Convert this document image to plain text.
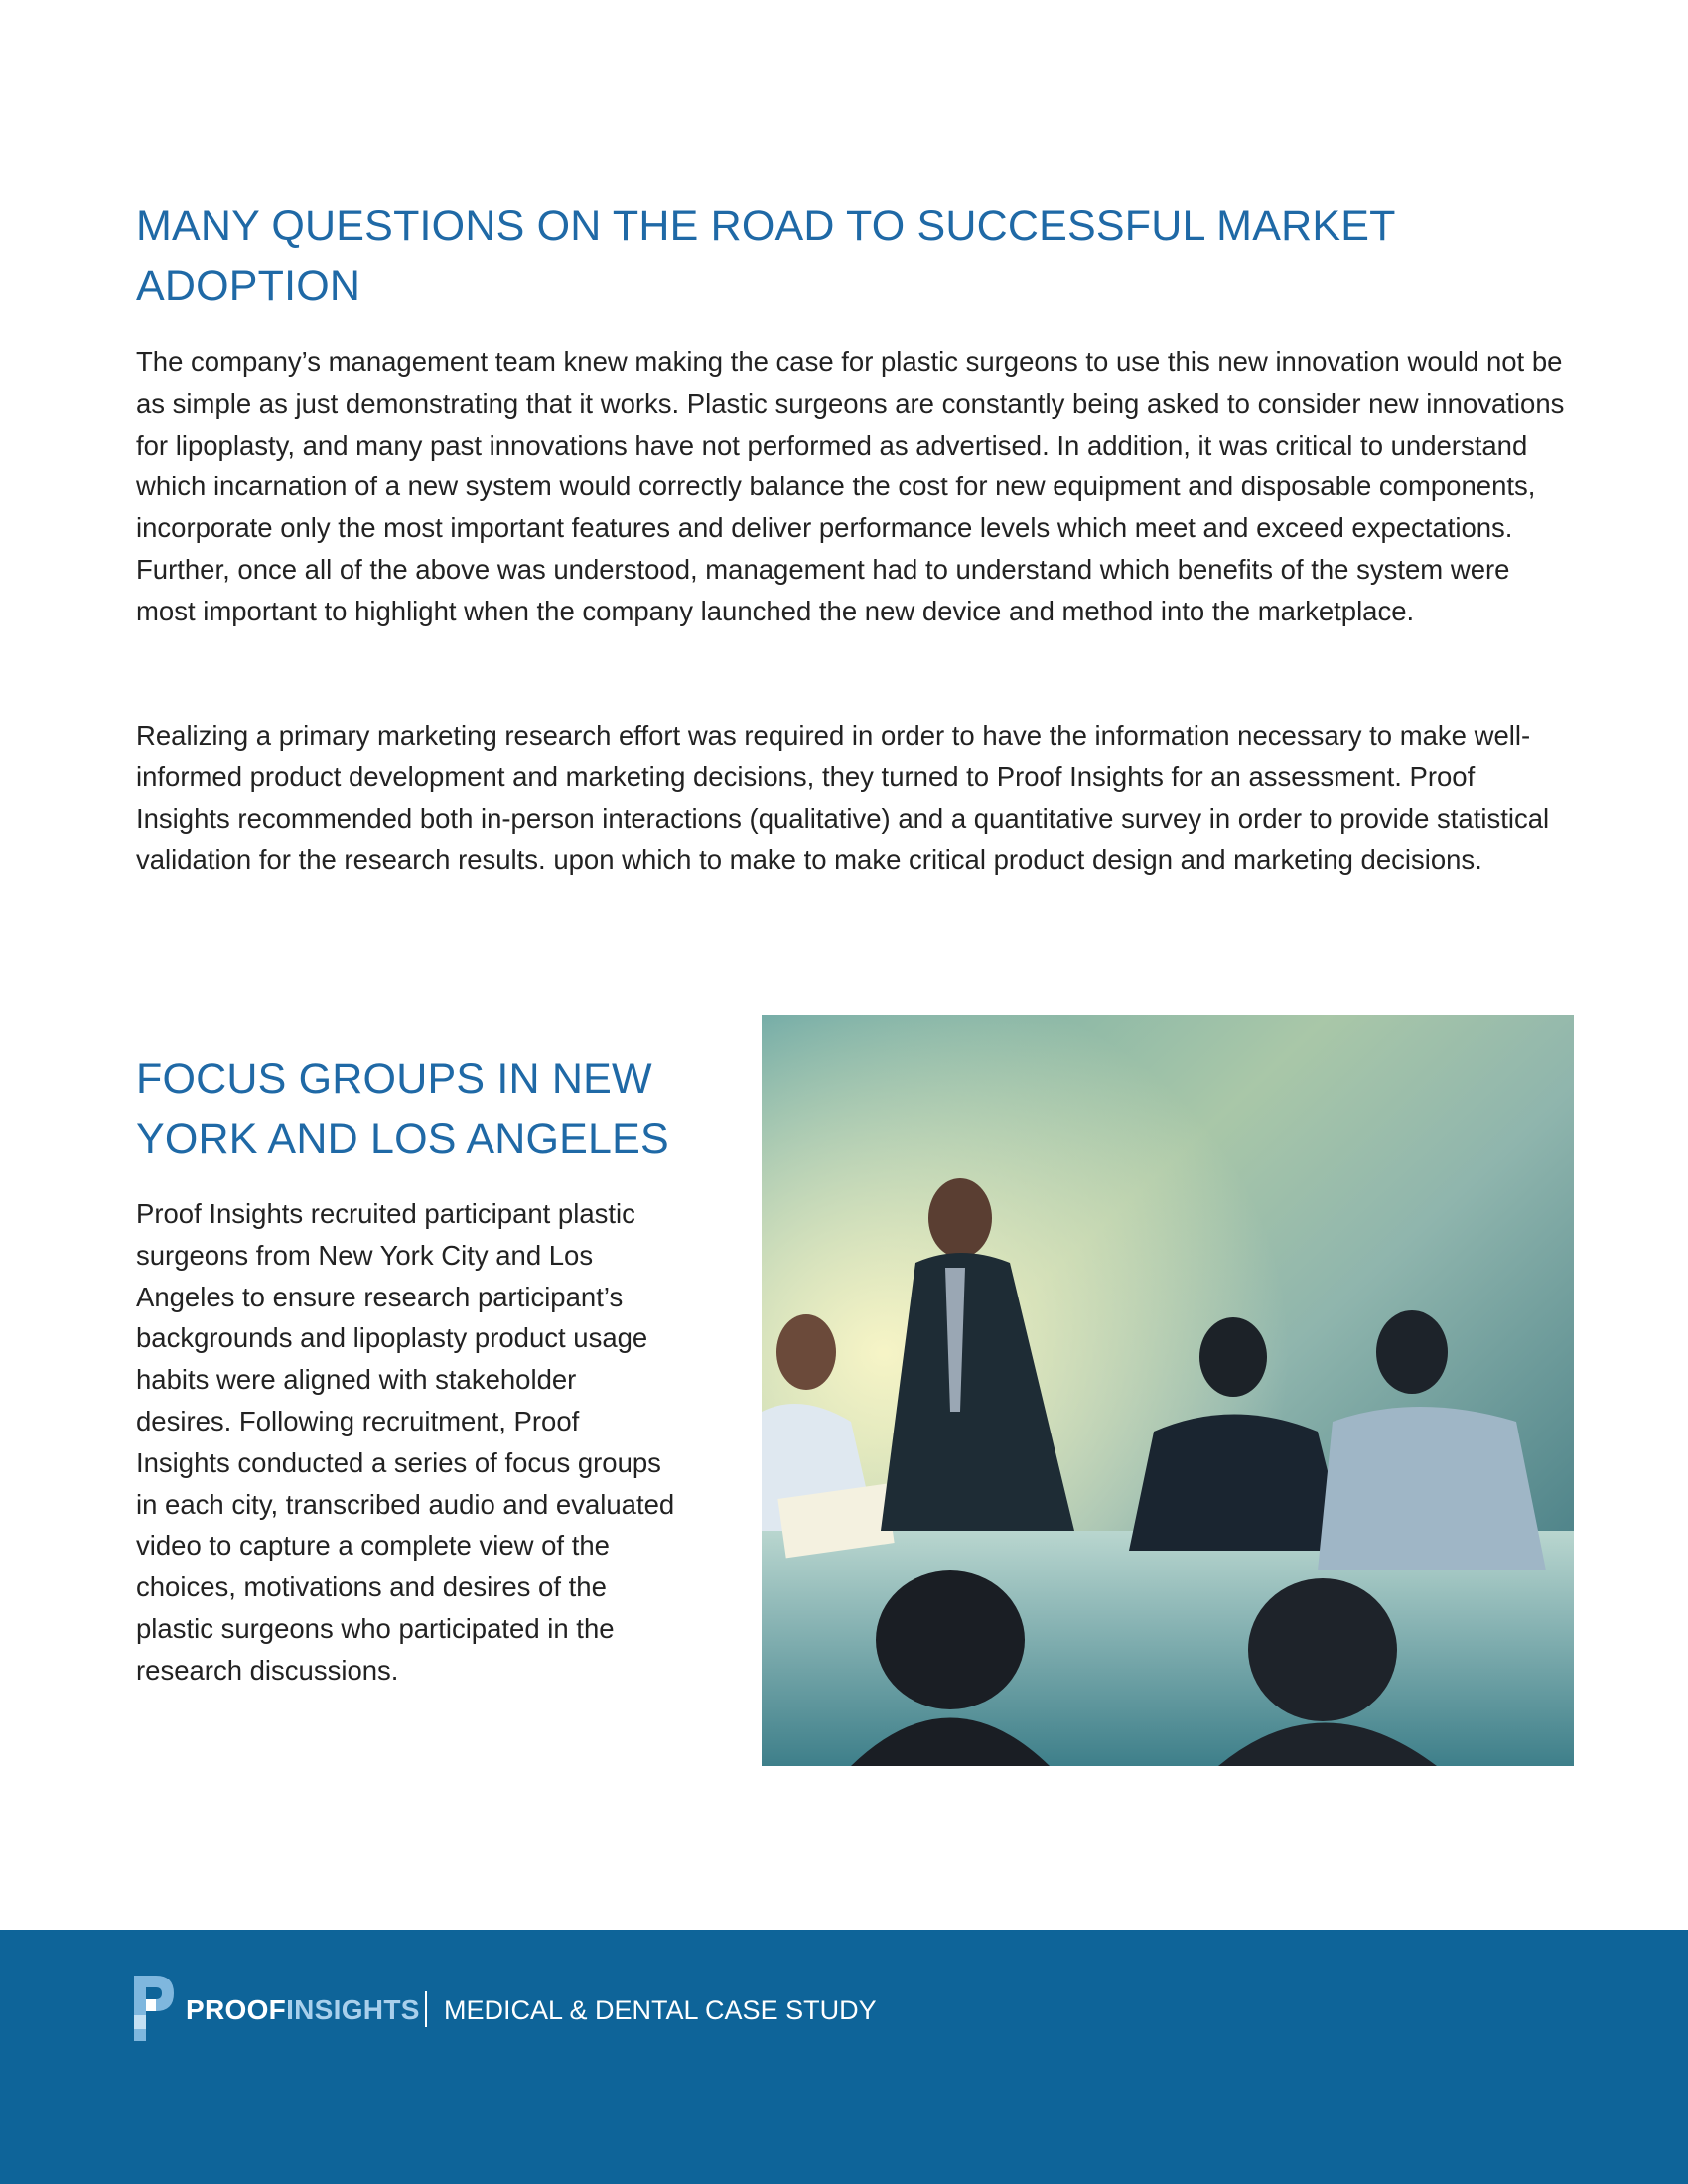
MANY QUESTIONS ON THE ROAD TO SUCCESSFUL MARKET ADOPTION

The company’s management team knew making the case for plastic surgeons to use this new innovation would not be as simple as just demonstrating that it works. Plastic surgeons are constantly being asked to consider new innovations for lipoplasty, and many past innovations have not performed as advertised. In addition, it was critical to understand which incarnation of a new system would correctly balance the cost for new equipment and disposable components, incorporate only the most important features and deliver performance levels which meet and exceed expectations. Further, once all of the above was understood, management had to understand which benefits of the system were most important to highlight when the company launched the new device and method into the marketplace.

Realizing a primary marketing research effort was required in order to have the information necessary to make well-informed product development and marketing decisions, they turned to Proof Insights for an assessment. Proof Insights recommended both in-person interactions (qualitative) and a quantitative survey in order to provide statistical validation for the research results. upon which to make to make critical product design and marketing decisions.

FOCUS GROUPS IN NEW YORK AND LOS ANGELES

Proof Insights recruited participant plastic surgeons from New York City and Los Angeles to ensure research participant’s backgrounds and lipoplasty product usage habits were aligned with stakeholder desires. Following recruitment, Proof Insights conducted a series of focus groups in each city, transcribed audio and evaluated video to capture a complete view of the choices, motivations and desires of the plastic surgeons who participated in the research discussions.

PROOFINSIGHTS MEDICAL & DENTAL CASE STUDY
